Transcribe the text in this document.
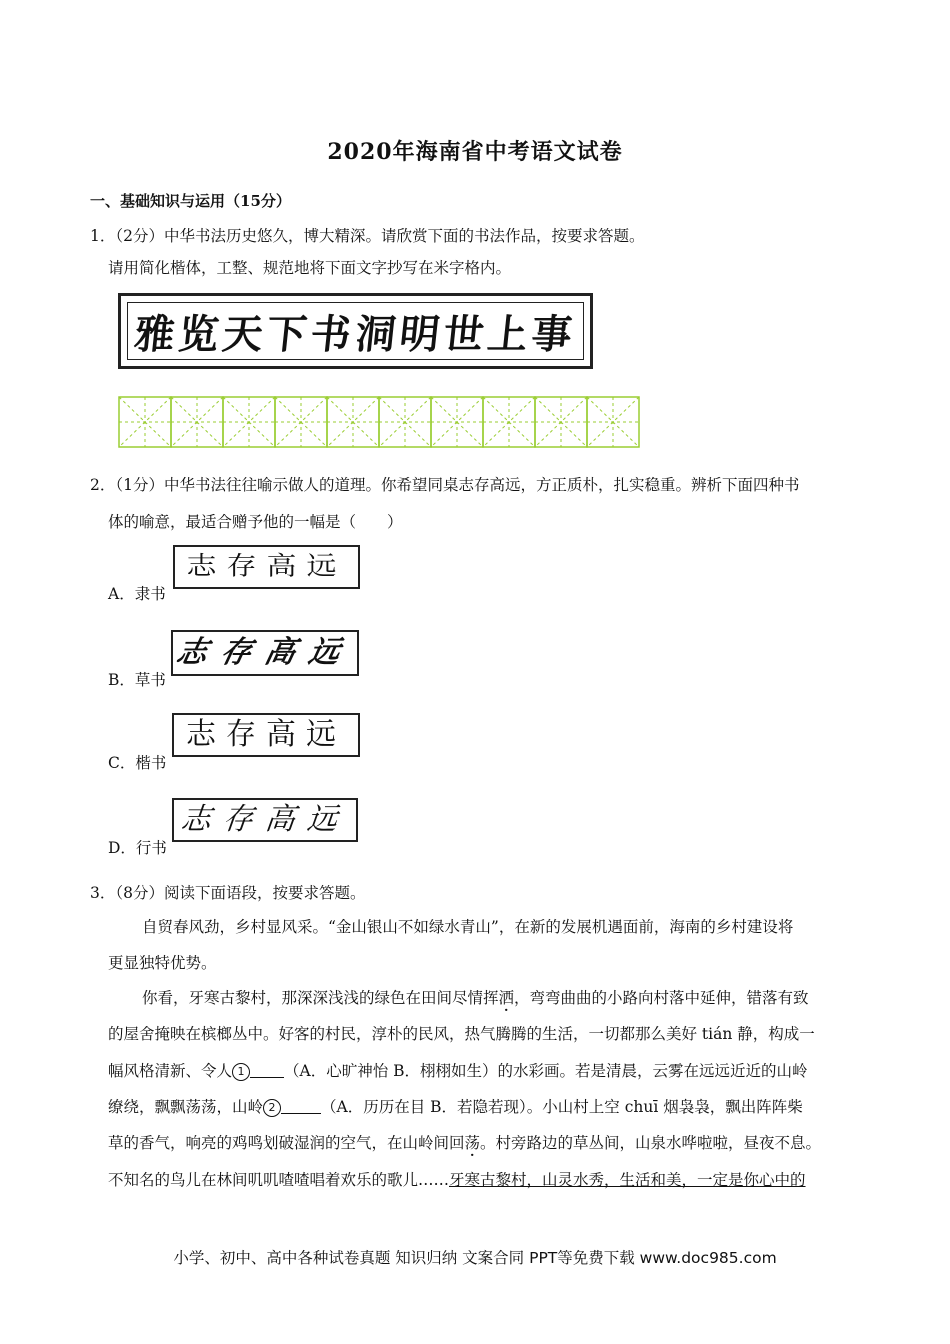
2020年海南省中考语文试卷
一、基础知识与运用（15分）
1．（2分）中华书法历史悠久，博大精深。请欣赏下面的书法作品，按要求答题。
请用简化楷体，工整、规范地将下面文字抄写在米字格内。
雅览天下书
洞明世上事
2．（1分）中华书法往往喻示做人的道理。你希望同桌志存高远，方正质朴，扎实稳重。辨析下面四种书
体的喻意，最适合赠予他的一幅是（　　）
A．隶书
志存高远
B．草书
志存高远
C．楷书
志存高远
D．行书
志存高远
3．（8分）阅读下面语段，按要求答题。
自贸春风劲，乡村显风采。“金山银山不如绿水青山”，在新的发展机遇面前，海南的乡村建设将
更显独特优势。
你看，牙寒古黎村，那深深浅浅的绿色在田间尽情挥洒，弯弯曲曲的小路向村落中延伸，错落有致
的屋舍掩映在槟榔丛中。好客的村民，淳朴的民风，热气腾腾的生活，一切都那么美好 tián 静，构成一
幅风格清新、令人 1	（A．心旷神怡 B．栩栩如生）的水彩画。若是清晨，云雾在远远近近的山岭
缭绕，飘飘荡荡，山岭 2	（A．历历在目 B．若隐若现）。小山村上空 chuī 烟袅袅，飘出阵阵柴
草的香气，响亮的鸡鸣划破湿润的空气，在山岭间回荡。村旁路边的草丛间，山泉水哗啦啦，昼夜不息。
不知名的鸟儿在林间叽叽喳喳唱着欢乐的歌儿……牙寒古黎村，山灵水秀，生活和美，一定是你心中的
小学、初中、高中各种试卷真题 知识归纳 文案合同 PPT等免费下载 www.doc985.com
